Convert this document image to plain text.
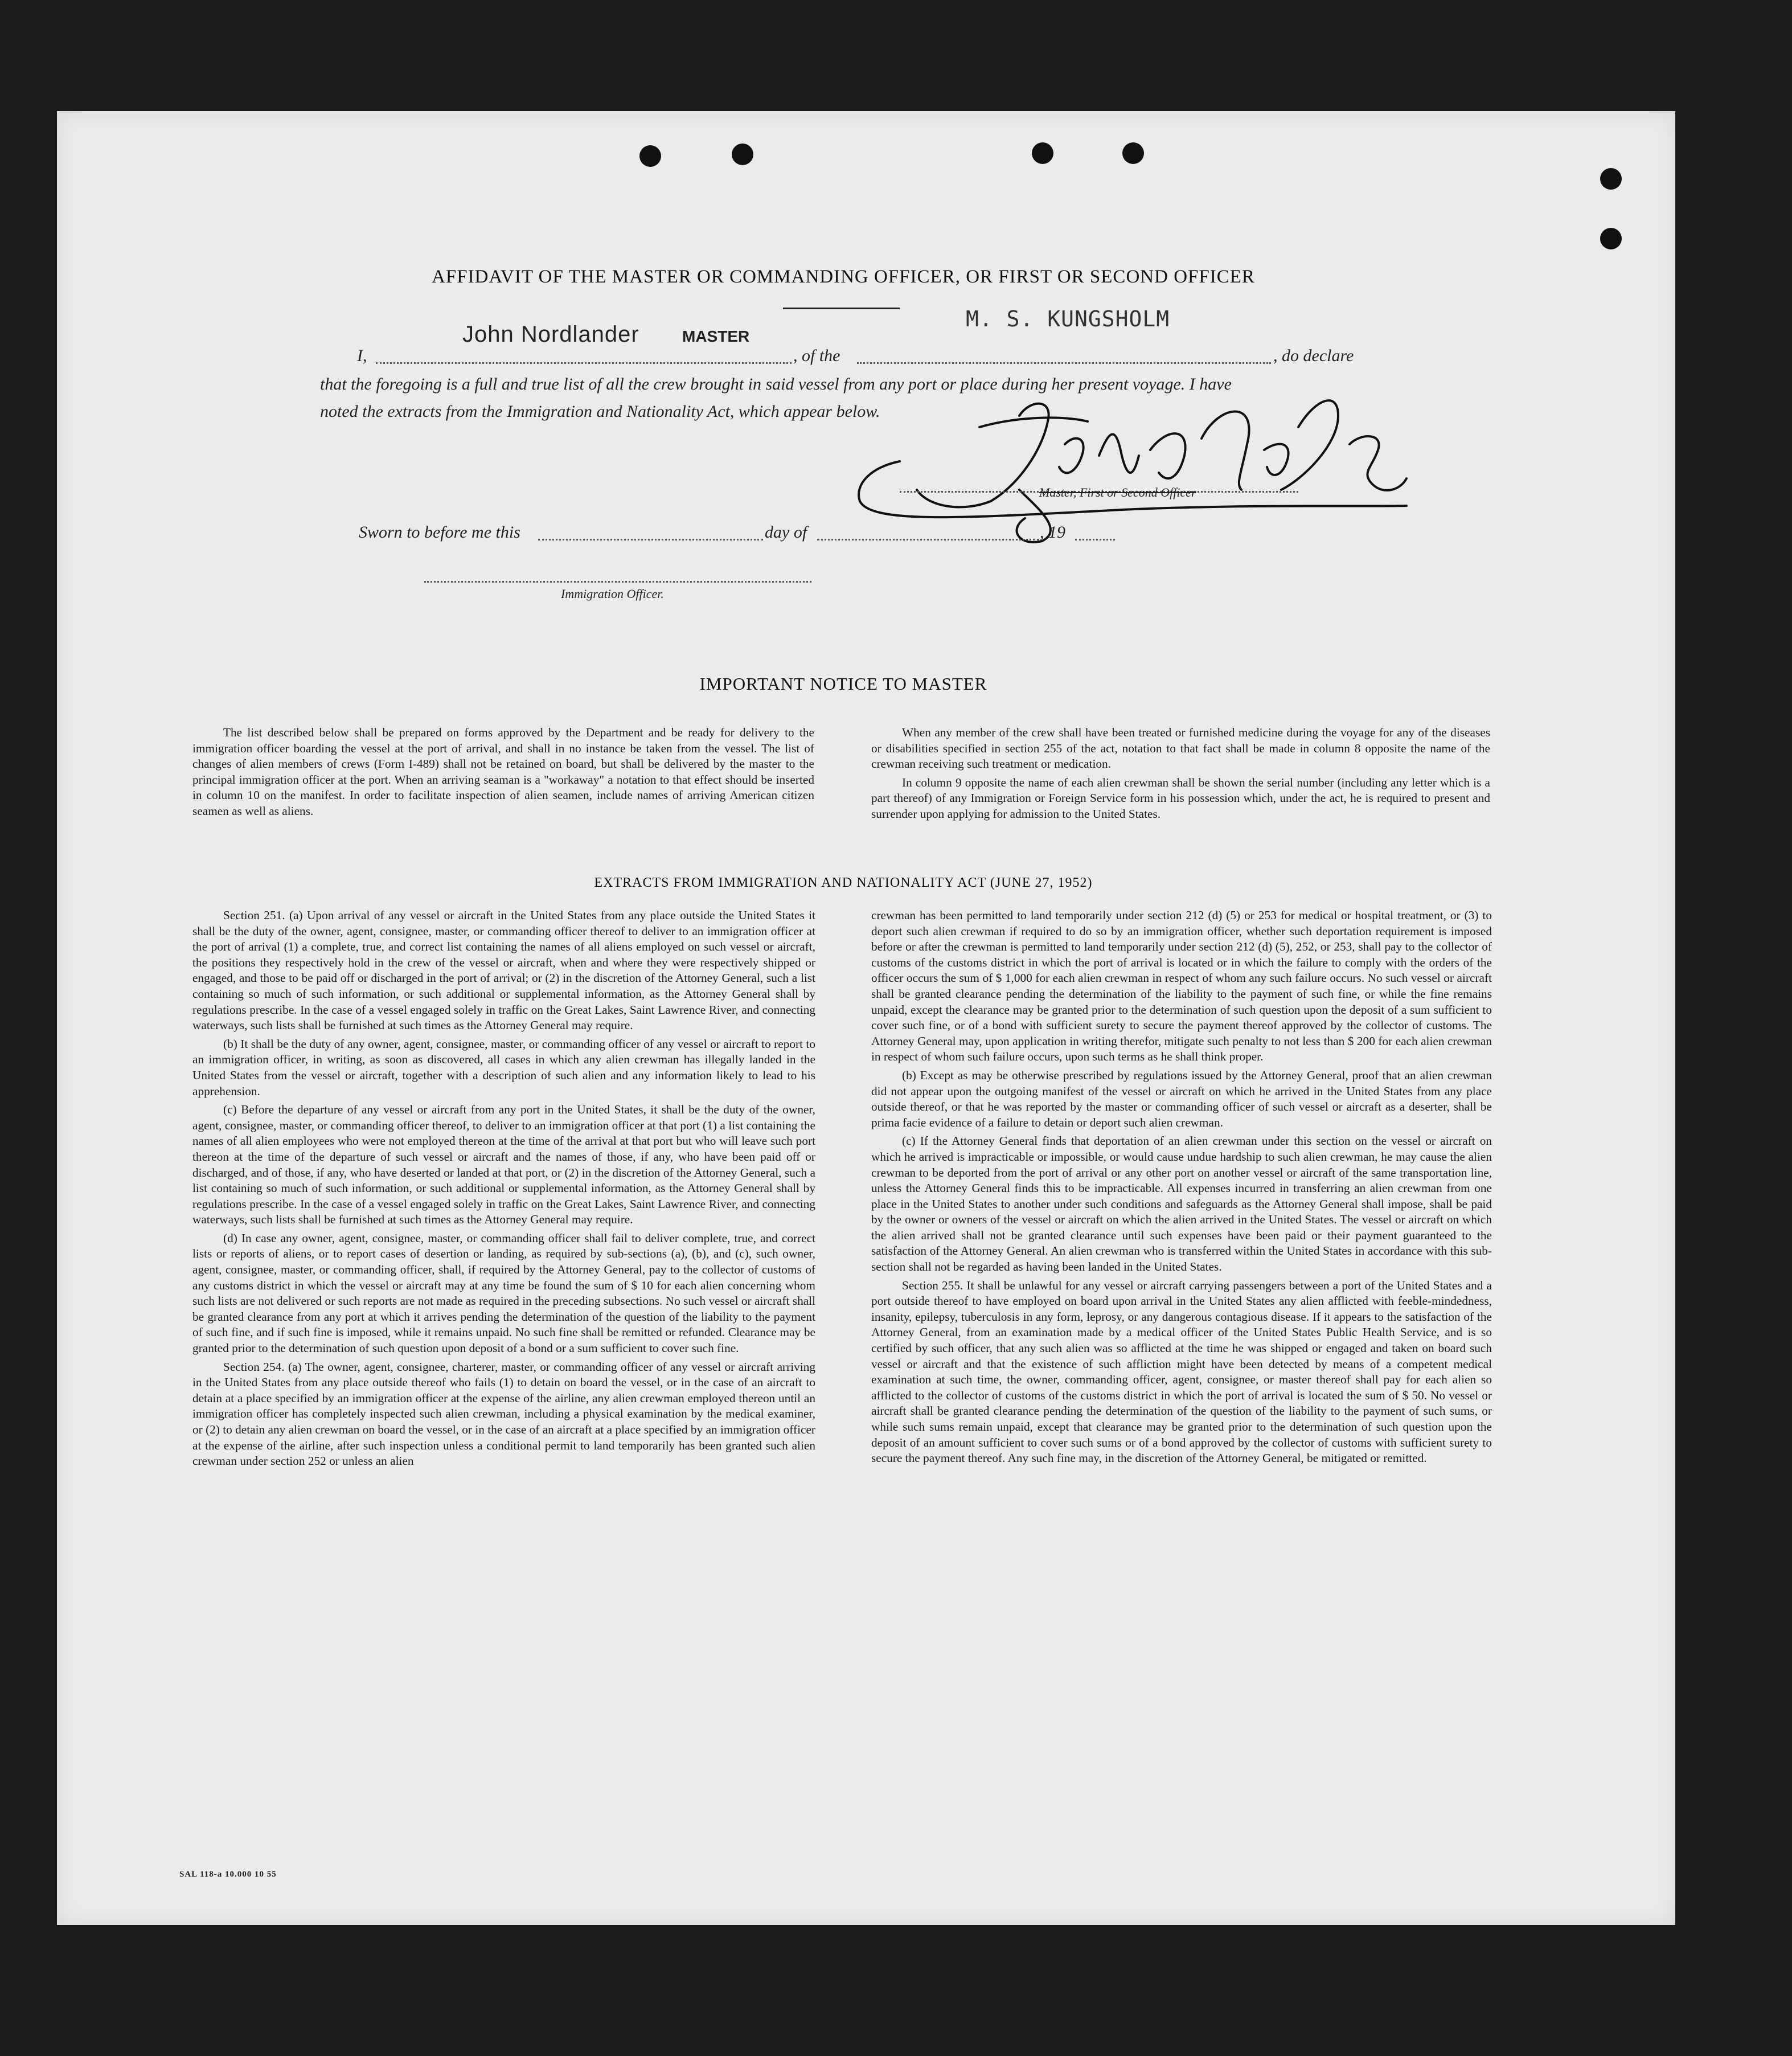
AFFIDAVIT OF THE MASTER OR COMMANDING OFFICER, OR FIRST OR SECOND OFFICER
John Nordlander	MASTER
M. S. KUNGSHOLM
I,	, of the	, do declare
that the foregoing is a full and true list of all the crew brought in said vessel from any port or place during her present voyage. I have
noted the extracts from the Immigration and Nationality Act, which appear below.
Master, First or Second Officer
Sworn to before me this	day of	, 19
Immigration Officer.
IMPORTANT NOTICE TO MASTER

The list described below shall be prepared on forms approved by the Department and be ready for delivery to the immigration officer boarding the vessel at the port of arrival, and shall in no instance be taken from the vessel. The list of changes of alien members of crews (Form I-489) shall not be retained on board, but shall be delivered by the master to the principal immigration officer at the port. When an arriving seaman is a "workaway" a notation to that effect should be inserted in column 10 on the manifest. In order to facilitate inspection of alien seamen, include names of arriving American citizen seamen as well as aliens.

When any member of the crew shall have been treated or furnished medicine during the voyage for any of the diseases or disabilities specified in section 255 of the act, notation to that fact shall be made in column 8 opposite the name of the crewman receiving such treatment or medication.

In column 9 opposite the name of each alien crewman shall be shown the serial number (including any letter which is a part thereof) of any Immigration or Foreign Service form in his possession which, under the act, he is required to present and surrender upon applying for admission to the United States.

EXTRACTS FROM IMMIGRATION AND NATIONALITY ACT (JUNE 27, 1952)

Section 251. (a) Upon arrival of any vessel or aircraft in the United States from any place outside the United States it shall be the duty of the owner, agent, consignee, master, or commanding officer thereof to deliver to an immigration officer at the port of arrival (1) a complete, true, and correct list containing the names of all aliens employed on such vessel or aircraft, the positions they respectively hold in the crew of the vessel or aircraft, when and where they were respectively shipped or engaged, and those to be paid off or discharged in the port of arrival; or (2) in the discretion of the Attorney General, such a list containing so much of such information, or such additional or supplemental information, as the Attorney General shall by regulations prescribe. In the case of a vessel engaged solely in traffic on the Great Lakes, Saint Lawrence River, and connecting waterways, such lists shall be furnished at such times as the Attorney General may require.

(b) It shall be the duty of any owner, agent, consignee, master, or commanding officer of any vessel or aircraft to report to an immigration officer, in writing, as soon as discovered, all cases in which any alien crewman has illegally landed in the United States from the vessel or aircraft, together with a description of such alien and any information likely to lead to his apprehension.

(c) Before the departure of any vessel or aircraft from any port in the United States, it shall be the duty of the owner, agent, consignee, master, or commanding officer thereof, to deliver to an immigration officer at that port (1) a list containing the names of all alien employees who were not employed thereon at the time of the arrival at that port but who will leave such port thereon at the time of the departure of such vessel or aircraft and the names of those, if any, who have been paid off or discharged, and of those, if any, who have deserted or landed at that port, or (2) in the discretion of the Attorney General, such a list containing so much of such information, or such additional or supplemental information, as the Attorney General shall by regulations prescribe. In the case of a vessel engaged solely in traffic on the Great Lakes, Saint Lawrence River, and connecting waterways, such lists shall be furnished at such times as the Attorney General may require.

(d) In case any owner, agent, consignee, master, or commanding officer shall fail to deliver complete, true, and correct lists or reports of aliens, or to report cases of desertion or landing, as required by sub-sections (a), (b), and (c), such owner, agent, consignee, master, or commanding officer, shall, if required by the Attorney General, pay to the collector of customs of any customs district in which the vessel or aircraft may at any time be found the sum of $ 10 for each alien concerning whom such lists are not delivered or such reports are not made as required in the preceding subsections. No such vessel or aircraft shall be granted clearance from any port at which it arrives pending the determination of the question of the liability to the payment of such fine, and if such fine is imposed, while it remains unpaid. No such fine shall be remitted or refunded. Clearance may be granted prior to the determination of such question upon deposit of a bond or a sum sufficient to cover such fine.

Section 254. (a) The owner, agent, consignee, charterer, master, or commanding officer of any vessel or aircraft arriving in the United States from any place outside thereof who fails (1) to detain on board the vessel, or in the case of an aircraft to detain at a place specified by an immigration officer at the expense of the airline, any alien crewman employed thereon until an immigration officer has completely inspected such alien crewman, including a physical examination by the medical examiner, or (2) to detain any alien crewman on board the vessel, or in the case of an aircraft at a place specified by an immigration officer at the expense of the airline, after such inspection unless a conditional permit to land temporarily has been granted such alien crewman under section 252 or unless an alien

crewman has been permitted to land temporarily under section 212 (d) (5) or 253 for medical or hospital treatment, or (3) to deport such alien crewman if required to do so by an immigration officer, whether such deportation requirement is imposed before or after the crewman is permitted to land temporarily under section 212 (d) (5), 252, or 253, shall pay to the collector of customs of the customs district in which the port of arrival is located or in which the failure to comply with the orders of the officer occurs the sum of $ 1,000 for each alien crewman in respect of whom any such failure occurs. No such vessel or aircraft shall be granted clearance pending the determination of the liability to the payment of such fine, or while the fine remains unpaid, except the clearance may be granted prior to the determination of such question upon the deposit of a sum sufficient to cover such fine, or of a bond with sufficient surety to secure the payment thereof approved by the collector of customs. The Attorney General may, upon application in writing therefor, mitigate such penalty to not less than $ 200 for each alien crewman in respect of whom such failure occurs, upon such terms as he shall think proper.

(b) Except as may be otherwise prescribed by regulations issued by the Attorney General, proof that an alien crewman did not appear upon the outgoing manifest of the vessel or aircraft on which he arrived in the United States from any place outside thereof, or that he was reported by the master or commanding officer of such vessel or aircraft as a deserter, shall be prima facie evidence of a failure to detain or deport such alien crewman.

(c) If the Attorney General finds that deportation of an alien crewman under this section on the vessel or aircraft on which he arrived is impracticable or impossible, or would cause undue hardship to such alien crewman, he may cause the alien crewman to be deported from the port of arrival or any other port on another vessel or aircraft of the same transportation line, unless the Attorney General finds this to be impracticable. All expenses incurred in transferring an alien crewman from one place in the United States to another under such conditions and safeguards as the Attorney General shall impose, shall be paid by the owner or owners of the vessel or aircraft on which the alien arrived in the United States. The vessel or aircraft on which the alien arrived shall not be granted clearance until such expenses have been paid or their payment guaranteed to the satisfaction of the Attorney General. An alien crewman who is transferred within the United States in accordance with this sub-section shall not be regarded as having been landed in the United States.

Section 255. It shall be unlawful for any vessel or aircraft carrying passengers between a port of the United States and a port outside thereof to have employed on board upon arrival in the United States any alien afflicted with feeble-mindedness, insanity, epilepsy, tuberculosis in any form, leprosy, or any dangerous contagious disease. If it appears to the satisfaction of the Attorney General, from an examination made by a medical officer of the United States Public Health Service, and is so certified by such officer, that any such alien was so afflicted at the time he was shipped or engaged and taken on board such vessel or aircraft and that the existence of such affliction might have been detected by means of a competent medical examination at such time, the owner, commanding officer, agent, consignee, or master thereof shall pay for each alien so afflicted to the collector of customs of the customs district in which the port of arrival is located the sum of $ 50. No vessel or aircraft shall be granted clearance pending the determination of the question of the liability to the payment of such sums, or while such sums remain unpaid, except that clearance may be granted prior to the determination of such question upon the deposit of an amount sufficient to cover such sums or of a bond approved by the collector of customs with sufficient surety to secure the payment thereof. Any such fine may, in the discretion of the Attorney General, be mitigated or remitted.

SAL 118-a 10.000 10 55
